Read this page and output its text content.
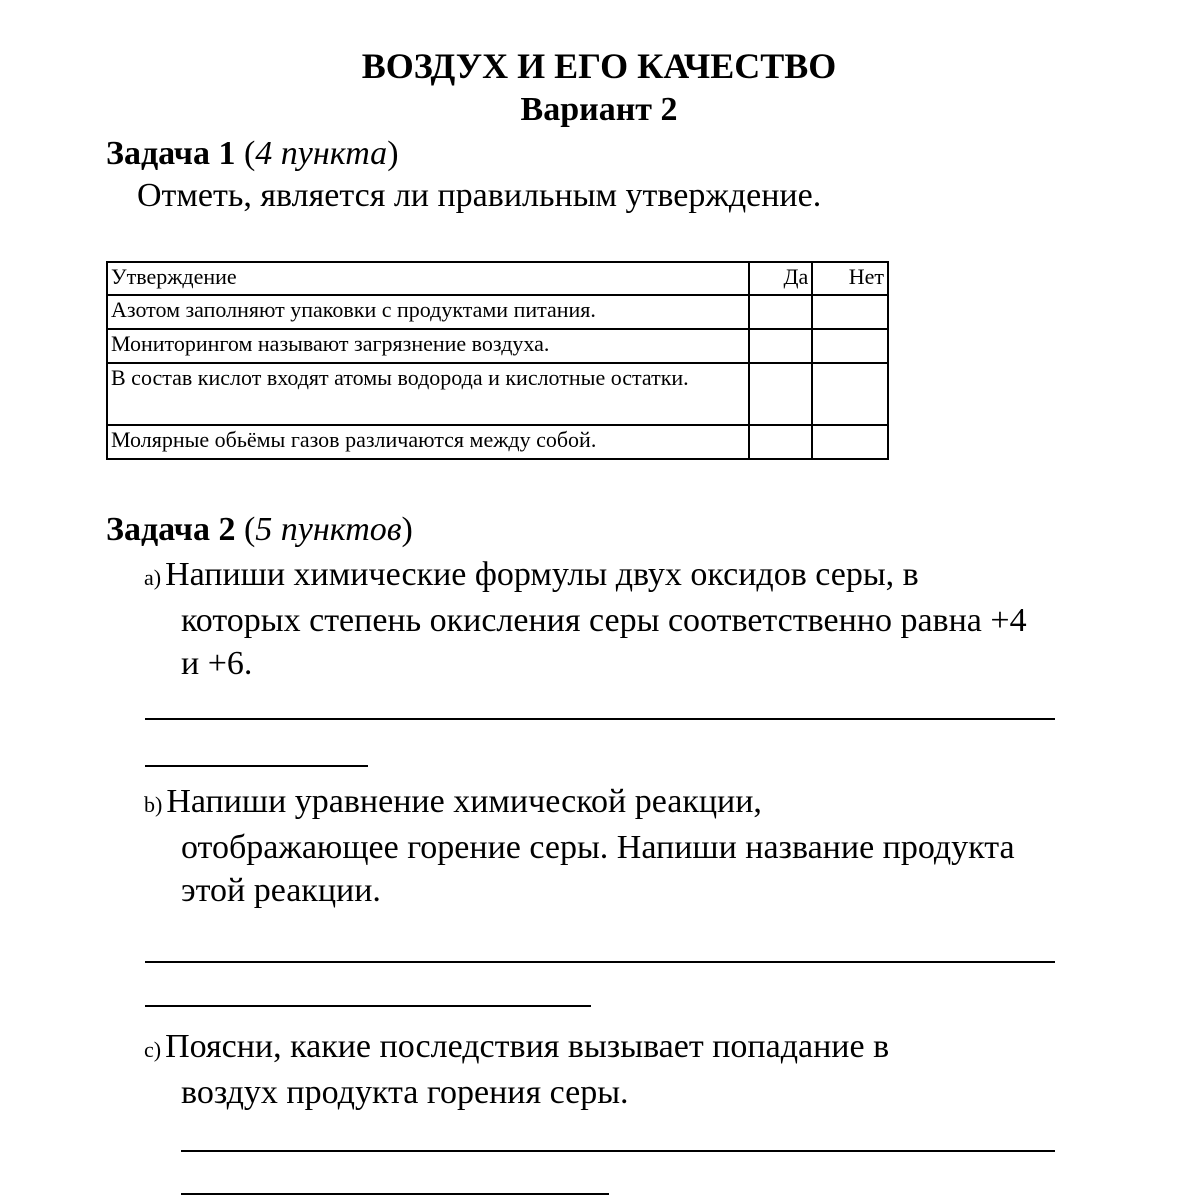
ВОЗДУХ И ЕГО КАЧЕСТВО
Вариант 2
Задача 1 (4 пункта)
Отметь, является ли правильным утверждение.
Утверждение	Да	Нет
Азотом заполняют упаковки с продуктами питания.		
Мониторингом называют загрязнение воздуха.		
В состав кислот входят атомы водорода и кислотные остатки.		
Молярные обьёмы газов различаются между собой.		
Задача 2 (5 пунктов)
a) Напиши химические формулы двух оксидов серы, в
которых степень окисления серы соответственно равна +4 и +6.
b) Напиши уравнение химической реакции,
отображающее горение серы. Напиши название продукта этой реакции.
c) Поясни, какие последствия вызывает попадание в
воздух продукта горения серы.
